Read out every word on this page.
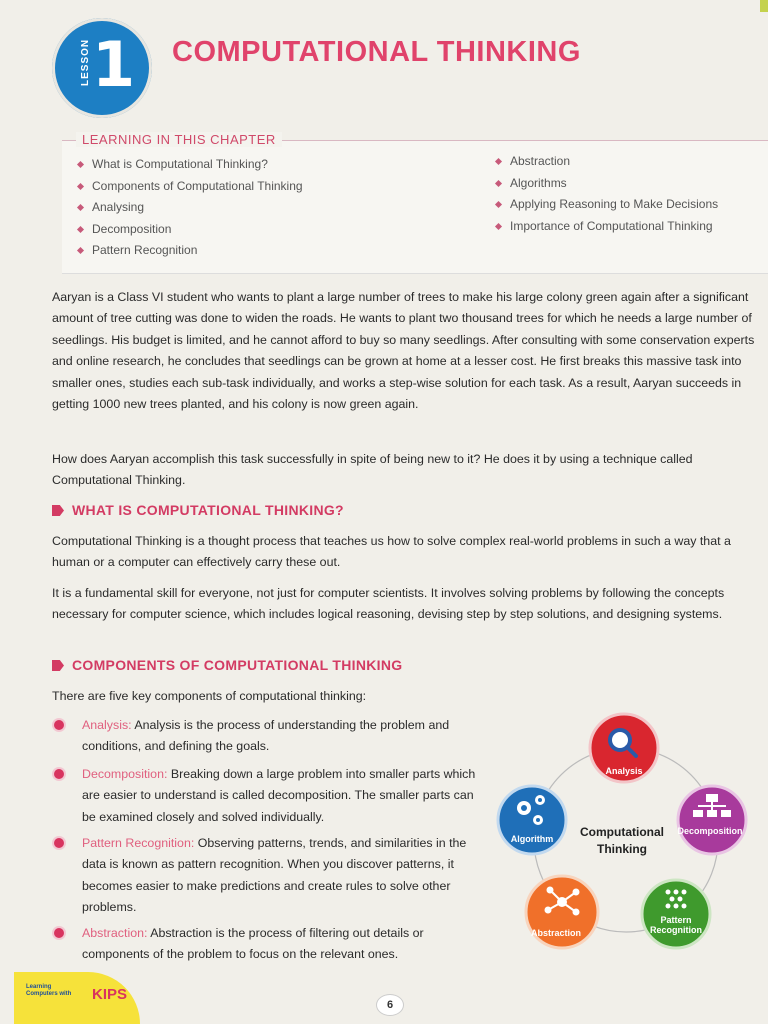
LESSON 1 COMPUTATIONAL THINKING
LEARNING IN THIS CHAPTER
What is Computational Thinking?
Components of Computational Thinking
Analysing
Decomposition
Pattern Recognition
Abstraction
Algorithms
Applying Reasoning to Make Decisions
Importance of Computational Thinking

Aaryan is a Class VI student who wants to plant a large number of trees to make his large colony green again after a significant amount of tree cutting was done to widen the roads. He wants to plant two thousand trees for which he needs a large number of seedlings. His budget is limited, and he cannot afford to buy so many seedlings. After consulting with some conservation experts and online research, he concludes that seedlings can be grown at home at a lesser cost. He first breaks this massive task into smaller ones, studies each sub-task individually, and works a step-wise solution for each task. As a result, Aaryan succeeds in getting 1000 new trees planted, and his colony is now green again.

How does Aaryan accomplish this task successfully in spite of being new to it? He does it by using a technique called Computational Thinking.

WHAT IS COMPUTATIONAL THINKING?

Computational Thinking is a thought process that teaches us how to solve complex real-world problems in such a way that a human or a computer can effectively carry these out.

It is a fundamental skill for everyone, not just for computer scientists. It involves solving problems by following the concepts necessary for computer science, which includes logical reasoning, devising step by step solutions, and designing systems.

COMPONENTS OF COMPUTATIONAL THINKING

There are five key components of computational thinking:

Analysis: Analysis is the process of understanding the problem and conditions, and defining the goals.

Decomposition: Breaking down a large problem into smaller parts which are easier to understand is called decomposition. The smaller parts can be examined closely and solved individually.

Pattern Recognition: Observing patterns, trends, and similarities in the data is known as pattern recognition. When you discover patterns, it becomes easier to make predictions and create rules to solve other problems.

Abstraction: Abstraction is the process of filtering out details or components of the problem to focus on the relevant ones.

Computational
Thinking
Analysis
Decomposition
Pattern
Recognition
Abstraction
Algorithm
Learning
Computers with KIPS
6
